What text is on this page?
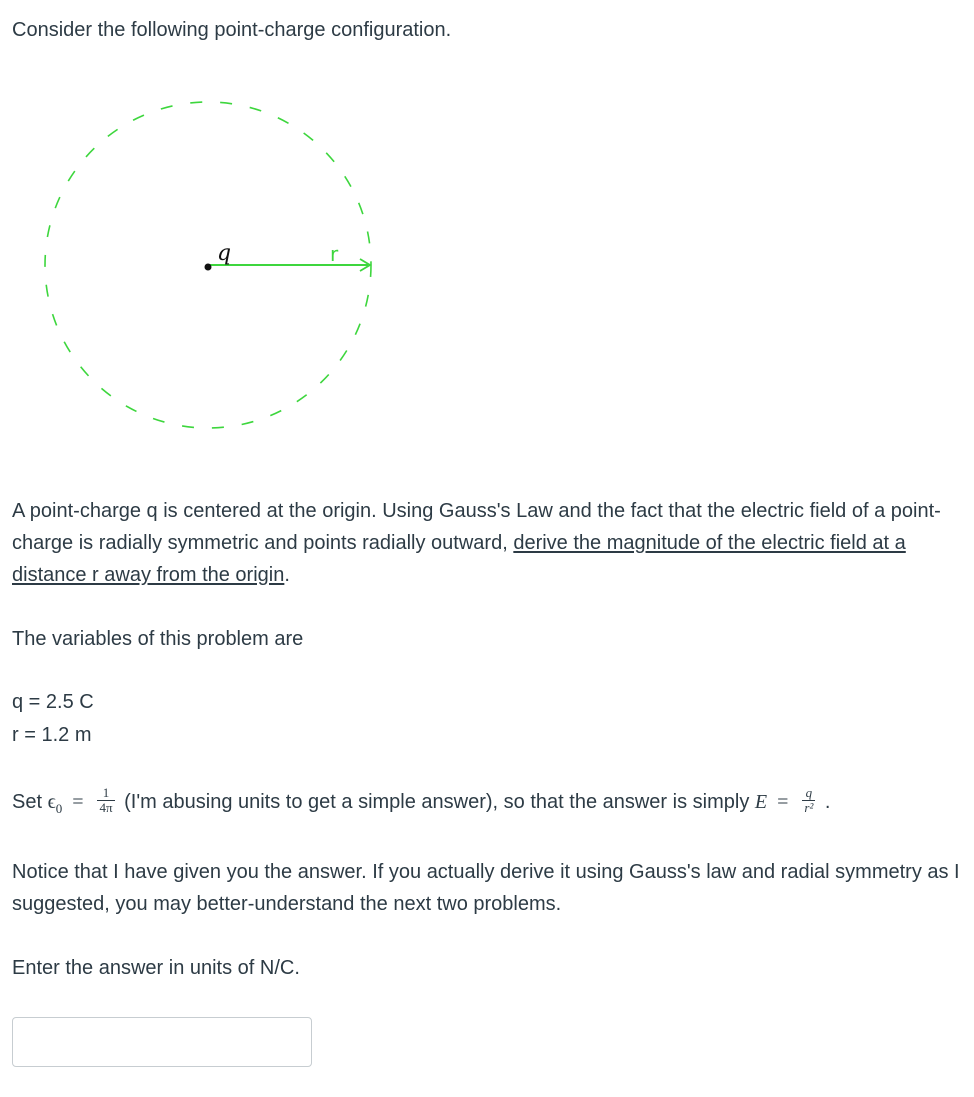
Consider the following point-charge configuration.

q	r

A point-charge q is centered at the origin. Using Gauss's Law and the fact that the electric field of a point-charge is radially symmetric and points radially outward, derive the magnitude of the electric field at a distance r away from the origin.

The variables of this problem are

q = 2.5 C
r = 1.2 m

Set $\epsilon_0 = \frac{1}{4\pi} (I'm$ abusing units to get a simple answer), so that the answer is simply $E = \frac{q}{\text{r²}}$ .

Notice that I have given you the answer. If you actually derive it using Gauss's law and radial symmetry as I suggested, you may better-understand the next two problems.

Enter the answer in units of N/C.
